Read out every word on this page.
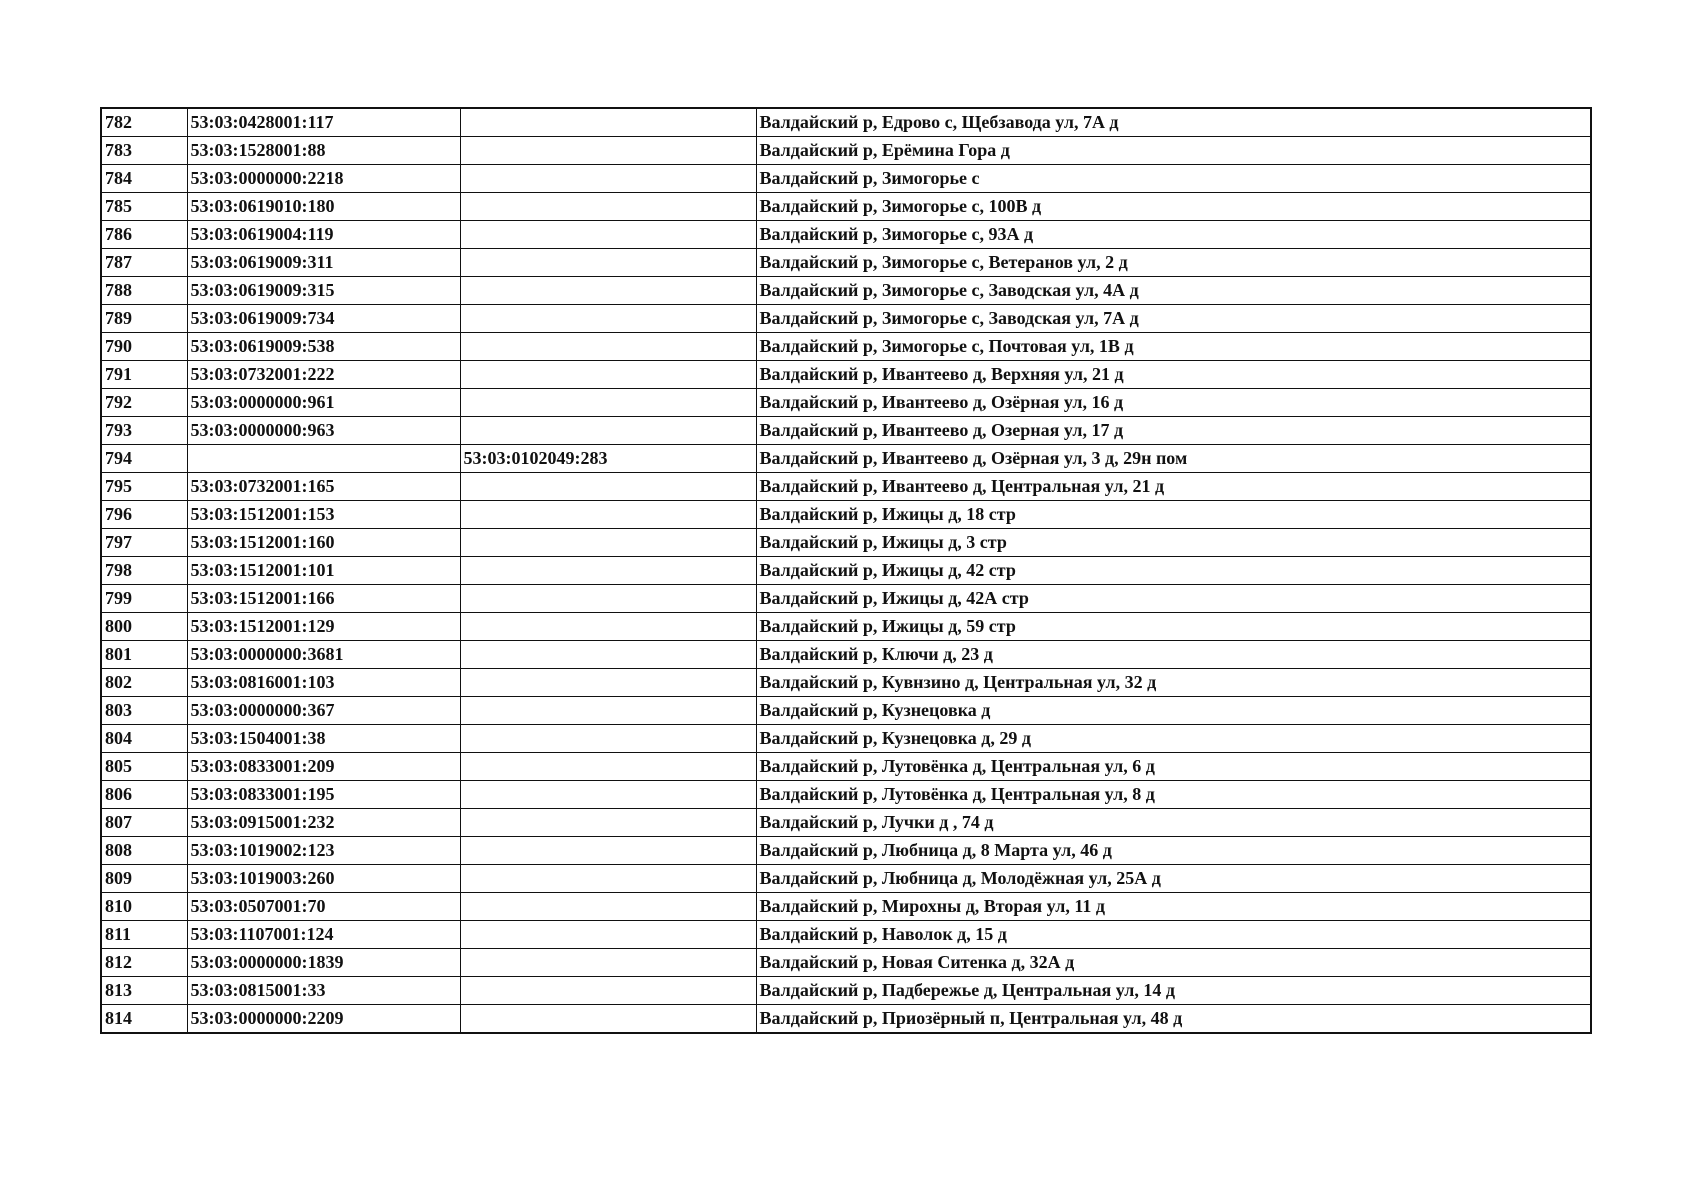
782	53:03:0428001:117		Валдайский р, Едрово с, Щебзавода ул, 7А д
783	53:03:1528001:88		Валдайский р, Ерёмина Гора д
784	53:03:0000000:2218		Валдайский р, Зимогорье с
785	53:03:0619010:180		Валдайский р, Зимогорье с, 100В д
786	53:03:0619004:119		Валдайский р, Зимогорье с, 93А д
787	53:03:0619009:311		Валдайский р, Зимогорье с, Ветеранов ул, 2 д
788	53:03:0619009:315		Валдайский р, Зимогорье с, Заводская ул, 4А д
789	53:03:0619009:734		Валдайский р, Зимогорье с, Заводская ул, 7А д
790	53:03:0619009:538		Валдайский р, Зимогорье с, Почтовая ул, 1В д
791	53:03:0732001:222		Валдайский р, Ивантеево д, Верхняя ул, 21 д
792	53:03:0000000:961		Валдайский р, Ивантеево д, Озёрная ул, 16 д
793	53:03:0000000:963		Валдайский р, Ивантеево д, Озерная ул, 17 д
794		53:03:0102049:283	Валдайский р, Ивантеево д, Озёрная ул, 3 д, 29н пом
795	53:03:0732001:165		Валдайский р, Ивантеево д, Центральная ул, 21 д
796	53:03:1512001:153		Валдайский р, Ижицы д, 18 стр
797	53:03:1512001:160		Валдайский р, Ижицы д, 3 стр
798	53:03:1512001:101		Валдайский р, Ижицы д, 42 стр
799	53:03:1512001:166		Валдайский р, Ижицы д, 42А стр
800	53:03:1512001:129		Валдайский р, Ижицы д, 59 стр
801	53:03:0000000:3681		Валдайский р, Ключи д, 23 д
802	53:03:0816001:103		Валдайский р, Кувнзино д, Центральная ул, 32 д
803	53:03:0000000:367		Валдайский р, Кузнецовка д
804	53:03:1504001:38		Валдайский р, Кузнецовка д, 29 д
805	53:03:0833001:209		Валдайский р, Лутовёнка д, Центральная ул, 6 д
806	53:03:0833001:195		Валдайский р, Лутовёнка д, Центральная ул, 8 д
807	53:03:0915001:232		Валдайский р, Лучки д , 74 д
808	53:03:1019002:123		Валдайский р, Любница д, 8 Марта ул, 46 д
809	53:03:1019003:260		Валдайский р, Любница д, Молодёжная ул, 25А д
810	53:03:0507001:70		Валдайский р, Мирохны д, Вторая ул, 11 д
811	53:03:1107001:124		Валдайский р, Наволок д, 15 д
812	53:03:0000000:1839		Валдайский р, Новая Ситенка д, 32А д
813	53:03:0815001:33		Валдайский р, Падбережье д, Центральная ул, 14 д
814	53:03:0000000:2209		Валдайский р, Приозёрный п, Центральная ул, 48 д
